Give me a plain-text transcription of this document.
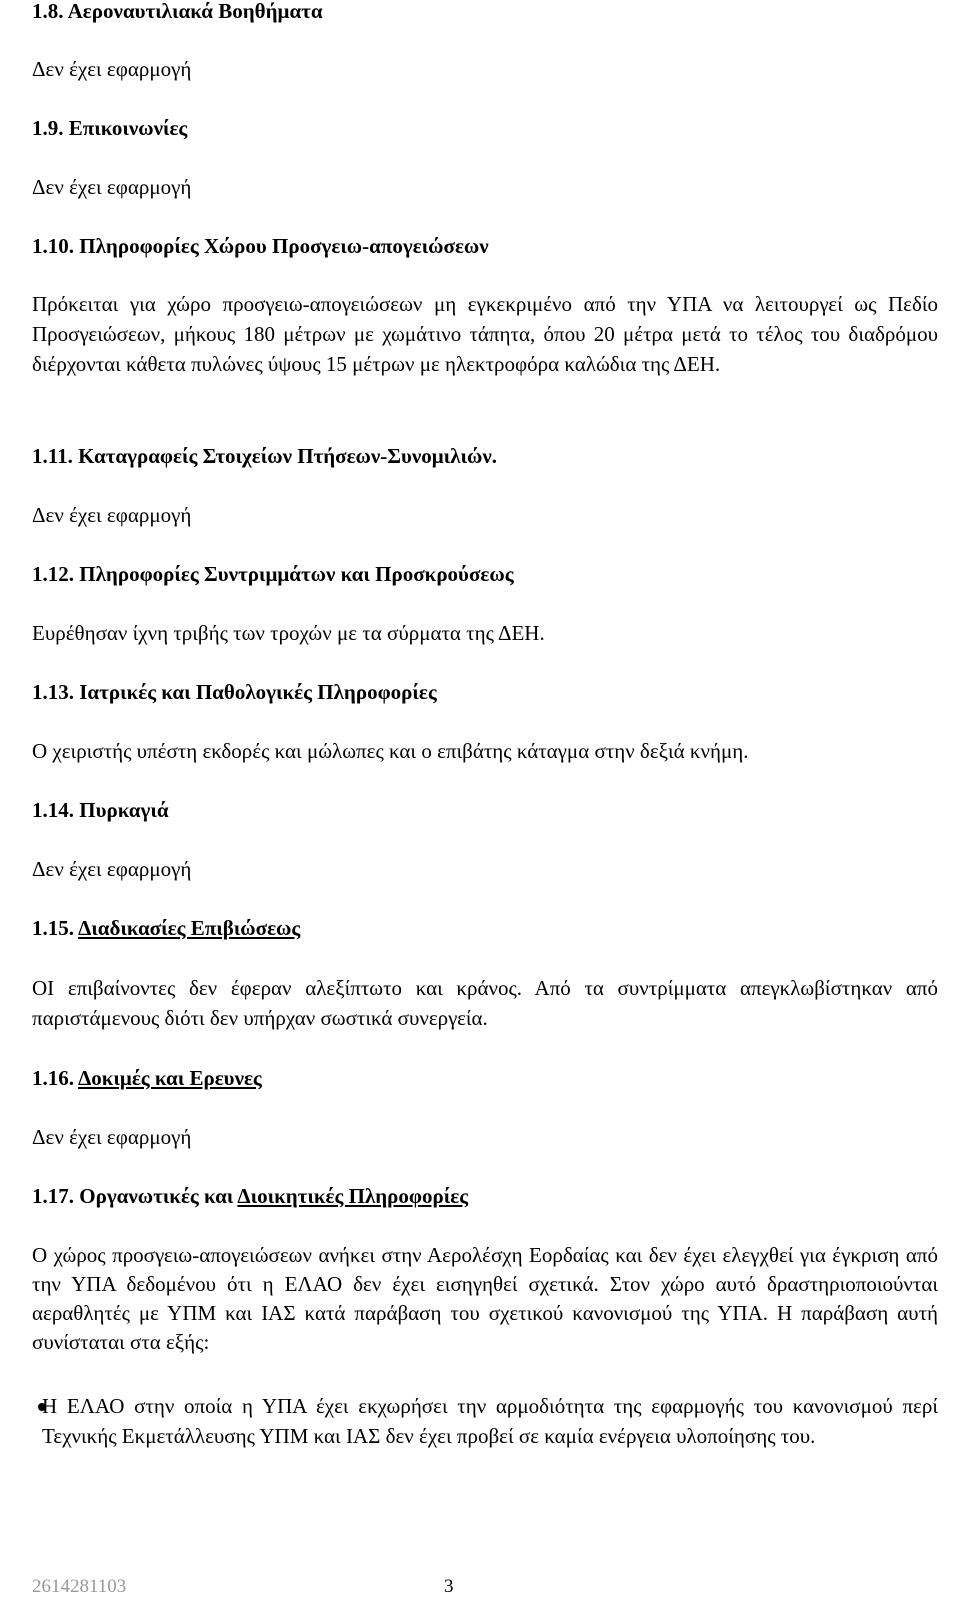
1.8. Αεροναυτιλιακά Βοηθήματα
Δεν έχει εφαρμογή
1.9. Επικοινωνίες
Δεν έχει εφαρμογή
1.10. Πληροφορίες Χώρου Προσγειω-απογειώσεων
Πρόκειται για χώρο προσγειω-απογειώσεων μη εγκεκριμένο από την ΥΠΑ να λειτουργεί ως Πεδίο Προσγειώσεων, μήκους 180 μέτρων με χωμάτινο τάπητα, όπου 20 μέτρα μετά το τέλος του διαδρόμου διέρχονται κάθετα πυλώνες ύψους 15 μέτρων με ηλεκτροφόρα καλώδια της ΔΕΗ.
1.11. Καταγραφείς Στοιχείων Πτήσεων-Συνομιλιών.
Δεν έχει εφαρμογή
1.12. Πληροφορίες Συντριμμάτων και Προσκρούσεως
Ευρέθησαν ίχνη τριβής των τροχών με τα σύρματα της ΔΕΗ.
1.13. Ιατρικές και Παθολογικές Πληροφορίες
Ο χειριστής υπέστη εκδορές και μώλωπες και ο επιβάτης κάταγμα στην δεξιά κνήμη.
1.14. Πυρκαγιά
Δεν έχει εφαρμογή
1.15. Διαδικασίες Επιβιώσεως
ΟΙ επιβαίνοντες δεν έφεραν αλεξίπτωτο και κράνος. Από τα συντρίμματα απεγκλωβίστηκαν από παριστάμενους διότι δεν υπήρχαν σωστικά συνεργεία.
1.16. Δοκιμές και Ερευνες
Δεν έχει εφαρμογή
1.17. Οργανωτικές και Διοικητικές Πληροφορίες
Ο χώρος προσγειω-απογειώσεων ανήκει στην Αερολέσχη Εορδαίας και δεν έχει ελεγχθεί για έγκριση από την ΥΠΑ δεδομένου ότι η ΕΛΑΟ δεν έχει εισηγηθεί σχετικά. Στον χώρο αυτό δραστηριοποιούνται αεραθλητές με ΥΠΜ και ΙΑΣ κατά παράβαση του σχετικού κανονισμού της ΥΠΑ. Η παράβαση αυτή συνίσταται στα εξής:
Η ΕΛΑΟ στην οποία η ΥΠΑ έχει εκχωρήσει την αρμοδιότητα της εφαρμογής του κανονισμού περί Τεχνικής Εκμετάλλευσης ΥΠΜ και ΙΑΣ δεν έχει προβεί σε καμία ενέργεια υλοποίησης του.
2614281103	3
